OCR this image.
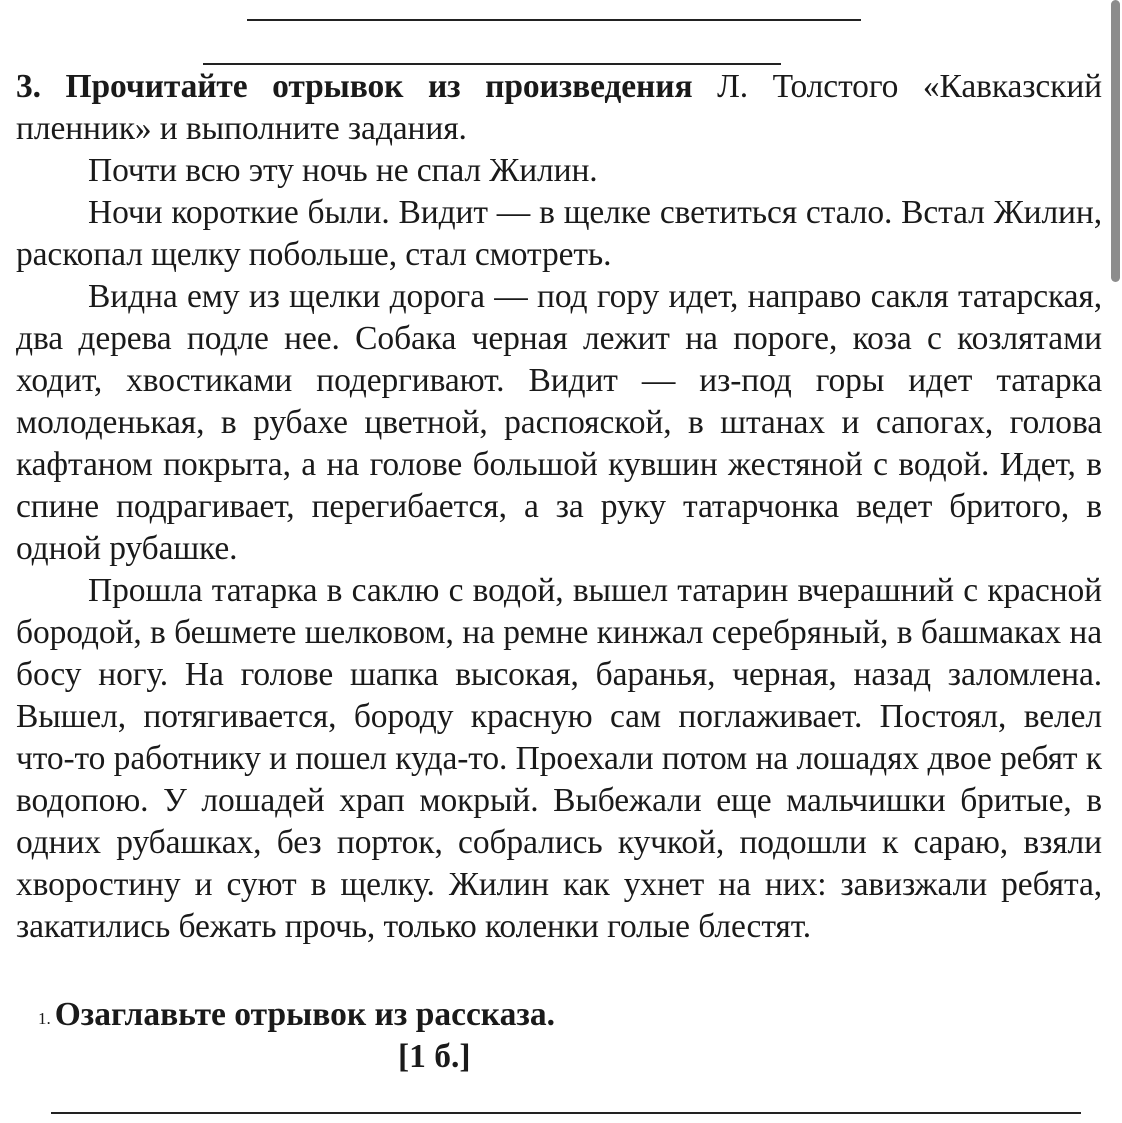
3. Прочитайте отрывок из произведения Л. Толстого «Кавказский пленник» и выполните задания.

Почти всю эту ночь не спал Жилин.

Ночи короткие были. Видит — в щелке светиться стало. Встал Жилин, раскопал щелку побольше, стал смотреть.

Видна ему из щелки дорога — под гору идет, направо сакля татарская, два дерева подле нее. Собака черная лежит на пороге, коза с козлятами ходит, хвостиками подергивают. Видит — из-под горы идет татарка молоденькая, в рубахе цветной, распояской, в штанах и сапогах, голова кафтаном покрыта, а на голове большой кувшин жестяной с водой. Идет, в спине подрагивает, перегибается, а за руку татарчонка ведет бритого, в одной рубашке.

Прошла татарка в саклю с водой, вышел татарин вчерашний с красной бородой, в бешмете шелковом, на ремне кинжал серебряный, в башмаках на босу ногу. На голове шапка высокая, баранья, черная, назад заломлена. Вышел, потягивается, бороду красную сам поглаживает. Постоял, велел что-то работнику и пошел куда-то. Проехали потом на лошадях двое ребят к водопою. У лошадей храп мокрый. Выбежали еще мальчишки бритые, в одних рубашках, без порток, собрались кучкой, подошли к сараю, взяли хворостину и суют в щелку. Жилин как ухнет на них: завизжали ребята, закатились бежать прочь, только коленки голые блестят.

1. Озаглавьте отрывок из рассказа.
[1 б.]
